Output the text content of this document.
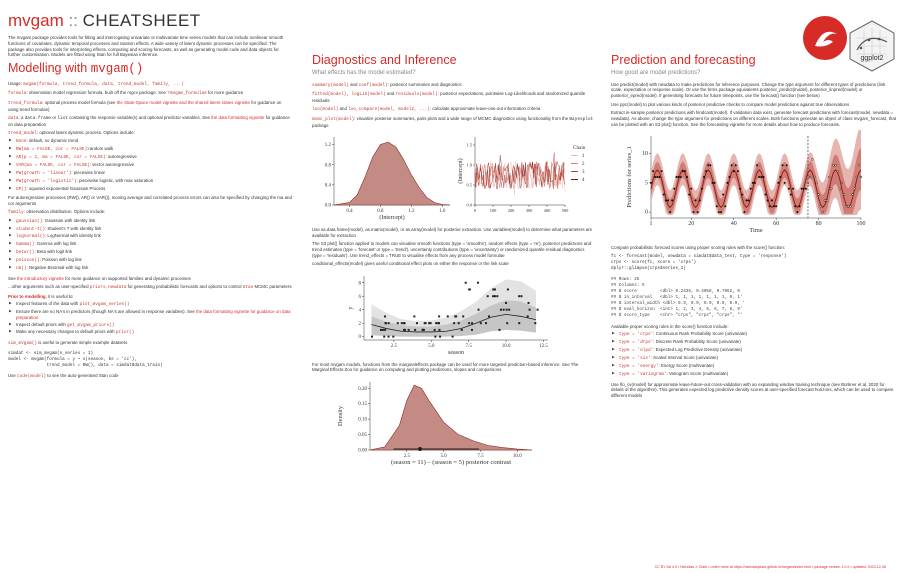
mvgam :: CHEATSHEET
The mvgam package provides tools for fitting and interrogating univariate or multivariate time series models that can include nonlinear smooth functions of covariates, dynamic temporal processes and random effects. A wide variety of latent dynamic processes can be specified. The package also provides tools for interpreting effects, computing and scoring forecasts, as well as generating model code and data objects for further customisation. Models are fitted using Stan for full Bayesian inference.
Modelling with mvgam()
Usage: mvgam(formula, trend_formula, data, trend_model, family, ...)
formula: observation model regression formula, built off the mgcv package. See ?mvgam_formulae for more guidance
trend_formula: optional process model formula (see the State-Space model vignette and the shared latent states vignette for guidance on using trend formulae)
data: a data.frame or list containing the response variable(s) and optional predictor variables. See the data formatting vignette for guidance on data preparation
trend_model: optional latent dynamic process. Options include:
▶ None: default, no dynamic trend
▶ RW(ma = FALSE, cor = FALSE):random walk
▶ AR(p = 1, ma = FALSE, cor = FALSE): autoregressive
▶ VAR(ma = FALSE, cor = FALSE): vector autoregressive
▶ PW(growth = 'linear'): piecewise linear
▶ PW(growth = 'logistic'): piecewise logistic, with max saturation
▶ GP(): squared exponential Gaussian Process
For autoregressive processes (RW(), AR() or VAR()), moving average and correlated process errors can also be specified by changing the ma and cor arguments
family: observation distribution. Options include:
▶ gaussian(): Gaussian with identity link
▶ student-t(): Student's T with identity link
▶ lognormal(): LogNormal with identity link
▶ Gamma(): Gamma with log link
▶ betar(): Beta with logit link
▶ poisson(): Poisson with log link
▶ nb(): Negative Binomial with log link
See the introductory vignette for more guidance on supported families and dynamic processes
...other arguments such as user-specified priors, newdata for generating probabilistic forecasts and options to control Stan MCMC parameters
Prior to modelling, it is useful to:
▶ Inspect features of the data with plot_mvgam_series()
▶ Ensure there are no NA's in predictors (though NA's are allowed in response variables). See the data formatting vignette for guidance on data preparation
▶ Inspect default priors with get_mvgam_priors()
▶ Make any necessary changes to default priors with prior()
sim_mvgam() is useful to generate simple example datasets
simdat <- sim_mvgam(n_series = 1)
model <- mvgam(formula = y ~ s(season, bs = 'cc'),
trend_model = RW(), data = simdat$data_train)
Use code(model) to see the auto-generated Stan code
Diagnostics and Inference
What effects has the model estimated?
summary(model) and coef(model): posterior summaries and diagnostics
fitted(model), logLik(model) and residuals(model): posterior expectations, pointwise Log-Likelihoods and randomized quantile residuals
loo(model) and loo_compare(model, model2, ...): calculate approximate leave-one-out information criteria
mcmc_plot(model): visualize posterior summaries, pairs plots and a wide range of MCMC diagnostics using functionality from the Bayesplot package
0.4	0.8	1.2	1.6
0.0
0.4
0.8
1.2
(Intercept)
0	100	200	300	400	500
0.0
0.5
1.0
1.5
(Intercept)
Chain
1
2
3
4
Use as.data.frame(model), as.matrix(model), or as.array(model) for posterior extraction. Use variables(model) to determine what parameters are available for extraction
The S3 plot() function applied to models can visualise smooth functions (type = 'smooths'), random effects (type = 're'), posterior predictions and trend estimates (type = 'forecast' or type = 'trend'), uncertainty contributions (type = 'uncertainty') or randomized quantile residual diagnostics (type = 'residuals'). Use trend_effects = TRUE to visualise effects from any process model formulae
conditional_effects(model) gives useful conditional effect plots on either the response or the link scale
2.5	5.0	7.5	10.0	12.5
0
2
4
6
8
season
y
For most mvgam models, functions from the marginaleffects package can be used for more targeted prediction-based inference. See The Marginal Effects Zoo for guidance on computing and plotting predictions, slopes and comparisons
2.5	5.0	7.5	10.0
0.00
0.05
0.10
0.15
0.20
(season = 11) – (season = 5) posterior contrast
Density
ggplot2
Prediction and forecasting
How good are model predictions?
Use predict(model) with newdata to make predictions for inference purposes. Change the type argument for different types of predictions (link scale, expectation or response scale). Or use the brms package equivalents posterior_predict(model), posterior_linpred(model) or posterior_epred(model). If generating forecasts for future timepoints, use the forecast() function (see below)
Use ppc(model) to plot various kinds of posterior predictive checks to compare model predictions against true observations
Extract in-sample posterior predictions with hindcast(model). If validation data exist, generate forecast predictions with forecast(model, newdata = newdata). As above, change the type argument for predictions on different scales. Both functions generate an object of class mvgam_forecast, that can be plotted with an S3 plot() function. See the forecasting vignette for more details about how to produce forecasts.
1	20	40	60	80	100
0
5
10
Time
Predictions for series_1
Compute probabilistic forecast scores using proper scoring rules with the score() function:
fc <- forecast(model, newdata = simdat$data_test, type = 'response')
crps <- score(fc, score = 'crps')
dplyr::glimpse(crps$series_1)
## Rows: 25
## Columns: 5
## $ score         <dbl> 0.2435, 0.4058, 0.7062, 0
## $ in_interval   <dbl> 1, 1, 1, 1, 1, 1, 1, 0, 1'
## $ interval_width <dbl> 0.9, 0.9, 0.9, 0.9, 0.9, '
## $ eval_horizon  <int> 1, 2, 3, 4, 5, 6, 7, 8, 9'
## $ score_type    <chr> "crps", "crps", "crps", "'
Available proper scoring rules in the score() function include:
▶ type = 'crps': Continuous Rank Probability Score (univariate)
▶ type = 'drps': Discrete Rank Probability Score (univariate)
▶ type = 'elpd': Expected Log Predictive Density (univariate)
▶ type = 'sis': Scaled Interval Score (univariate)
▶ type = 'energy': Energy Score (multivariate)
▶ type = 'variogram': Variogram Score (multivariate)
Use lfo_cv(model) for approximate leave-future-out cross-validation with an expanding window training technique (see Bürkner et al. 2020 for details of the algorithm). This generates expected log predictive density scores at user-specified forecast horizons, which can be used to compare different models
CC BY-SA 4.0 • Nicholas J. Clark • Learn more at https://nicholasjclark.github.io/mvgam/index.html • package version 1.0.9 • updated: 2023-12-06
